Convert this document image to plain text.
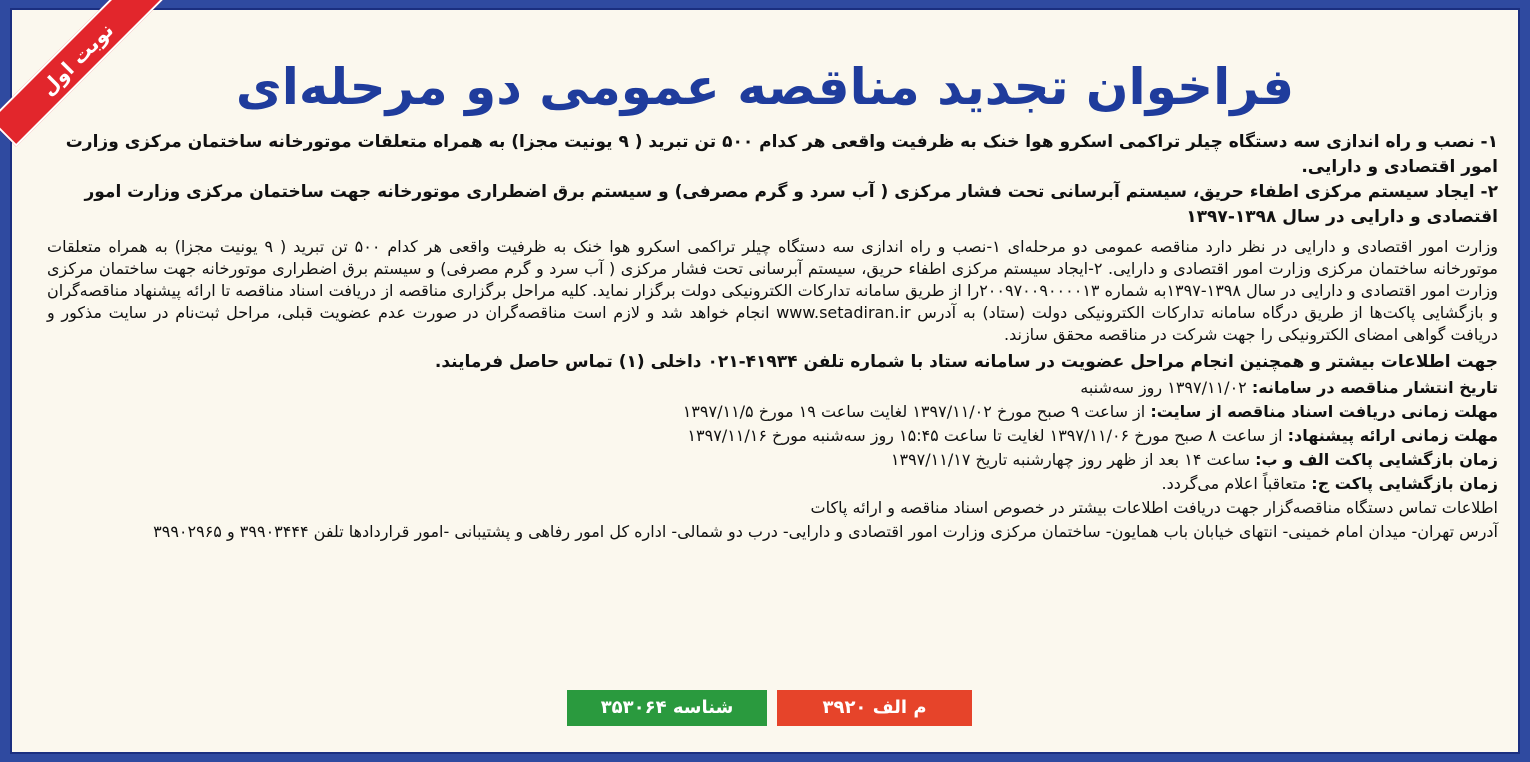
نوبت اول	فراخوان تجدید مناقصه عمومی دو مرحله‌ای

۱- نصب و راه اندازی سه دستگاه چیلر تراکمی اسکرو هوا خنک به ظرفیت واقعی هر کدام ۵۰۰ تن تبرید ( ۹ یونیت مجزا) به همراه متعلقات موتورخانه ساختمان مرکزی وزارت امور اقتصادی و دارایی.

۲- ایجاد سیستم مرکزی اطفاء حریق، سیستم آبرسانی تحت فشار مرکزی ( آب سرد و گرم مصرفی) و سیستم برق اضطراری موتورخانه جهت ساختمان مرکزی وزارت امور اقتصادی و دارایی در سال ۱۳۹۸-۱۳۹۷

وزارت امور اقتصادی و دارایی در نظر دارد مناقصه عمومی دو مرحله‌ای ۱-نصب و راه اندازی سه دستگاه چیلر تراکمی اسکرو هوا خنک به ظرفیت واقعی هر کدام ۵۰۰ تن تبرید ( ۹ یونیت مجزا) به همراه متعلقات موتورخانه ساختمان مرکزی وزارت امور اقتصادی و دارایی. ۲-ایجاد سیستم مرکزی اطفاء حریق، سیستم آبرسانی تحت فشار مرکزی ( آب سرد و گرم مصرفی) و سیستم برق اضطراری موتورخانه جهت ساختمان مرکزی وزارت امور اقتصادی و دارایی در سال ۱۳۹۸-۱۳۹۷به شماره ۲۰۰۹۷۰۰۹۰۰۰۰۱۳را از طریق سامانه تدارکات الکترونیکی دولت برگزار نماید. کلیه مراحل برگزاری مناقصه از دریافت اسناد مناقصه تا ارائه پیشنهاد مناقصه‌گران و بازگشایی پاکت‌ها از طریق درگاه سامانه تدارکات الکترونیکی دولت (ستاد) به آدرس www.setadiran.ir انجام خواهد شد و لازم است مناقصه‌گران در صورت عدم عضویت قبلی، مراحل ثبت‌نام در سایت مذکور و دریافت گواهی امضای الکترونیکی را جهت شرکت در مناقصه محقق سازند.

جهت اطلاعات بیشتر و همچنین انجام مراحل عضویت در سامانه ستاد با شماره تلفن ۴۱۹۳۴-۰۲۱ داخلی (۱) تماس حاصل فرمایند.

تاریخ انتشار مناقصه در سامانه: ۱۳۹۷/۱۱/۰۲ روز سه‌شنبه

مهلت زمانی دریافت اسناد مناقصه از سایت: از ساعت ۹ صبح مورخ ۱۳۹۷/۱۱/۰۲ لغایت ساعت ۱۹ مورخ ۱۳۹۷/۱۱/۵

مهلت زمانی ارائه پیشنهاد: از ساعت ۸ صبح مورخ ۱۳۹۷/۱۱/۰۶ لغایت تا ساعت ۱۵:۴۵ روز سه‌شنبه مورخ ۱۳۹۷/۱۱/۱۶

زمان بازگشایی پاکت الف و ب: ساعت ۱۴ بعد از ظهر روز چهارشنبه تاریخ ۱۳۹۷/۱۱/۱۷

زمان بازگشایی پاکت ج: متعاقباً اعلام می‌گردد.

اطلاعات تماس دستگاه مناقصه‌گزار جهت دریافت اطلاعات بیشتر در خصوص اسناد مناقصه و ارائه پاکات

آدرس تهران- میدان امام خمینی- انتهای خیابان باب همایون- ساختمان مرکزی وزارت امور اقتصادی و دارایی- درب دو شمالی- اداره کل امور رفاهی و پشتیبانی -امور قراردادها تلفن ۳۹۹۰۳۴۴۴ و ۳۹۹۰۲۹۶۵

شناسه ۳۵۳۰۶۴	م الف ۳۹۲۰
